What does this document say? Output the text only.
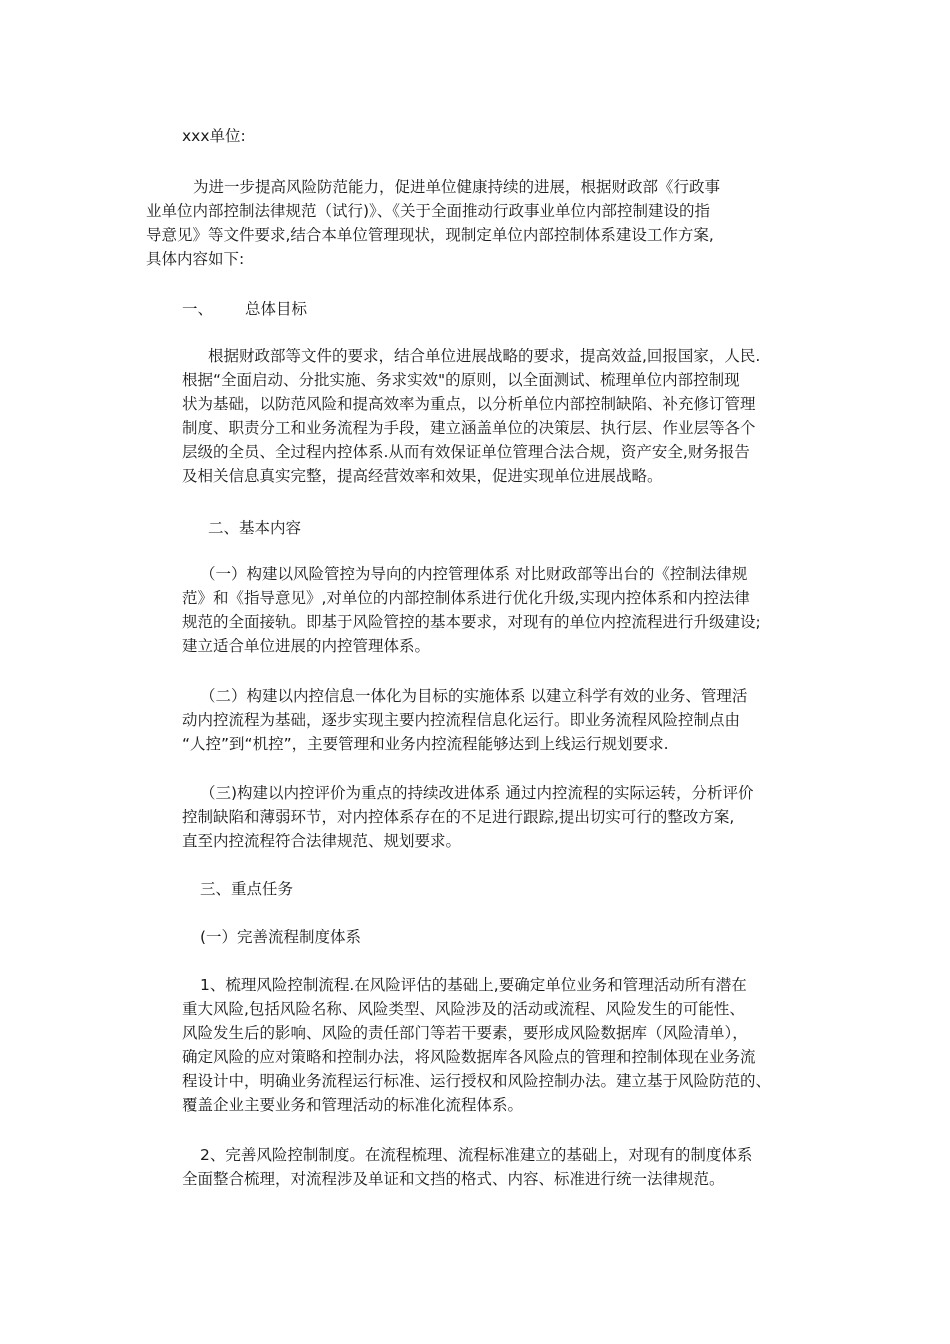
xxx单位:
为进一步提高风险防范能力，促进单位健康持续的进展，根据财政部《行政事
业单位内部控制法律规范（试行)》、《关于全面推动行政事业单位内部控制建设的指
导意见》等文件要求,结合本单位管理现状，现制定单位内部控制体系建设工作方案,
具体内容如下:
一、 总体目标
根据财政部等文件的要求，结合单位进展战略的要求，提高效益,回报国家，人民.
根据“全面启动、分批实施、务求实效"的原则，以全面测试、梳理单位内部控制现
状为基础，以防范风险和提高效率为重点，以分析单位内部控制缺陷、补充修订管理
制度、职责分工和业务流程为手段，建立涵盖单位的决策层、执行层、作业层等各个
层级的全员、全过程内控体系.从而有效保证单位管理合法合规，资产安全,财务报告
及相关信息真实完整，提高经营效率和效果，促进实现单位进展战略。
二、基本内容
（一）构建以风险管控为导向的内控管理体系 对比财政部等出台的《控制法律规
范》和《指导意见》,对单位的内部控制体系进行优化升级,实现内控体系和内控法律
规范的全面接轨。即基于风险管控的基本要求，对现有的单位内控流程进行升级建设;
建立适合单位进展的内控管理体系。
（二）构建以内控信息一体化为目标的实施体系 以建立科学有效的业务、管理活
动内控流程为基础，逐步实现主要内控流程信息化运行。即业务流程风险控制点由
“人控”到“机控”，主要管理和业务内控流程能够达到上线运行规划要求.
（三)构建以内控评价为重点的持续改进体系 通过内控流程的实际运转，分析评价
控制缺陷和薄弱环节，对内控体系存在的不足进行跟踪,提出切实可行的整改方案,
直至内控流程符合法律规范、规划要求。
三、重点任务
(一）完善流程制度体系
1、梳理风险控制流程.在风险评估的基础上,要确定单位业务和管理活动所有潜在
重大风险,包括风险名称、风险类型、风险涉及的活动或流程、风险发生的可能性、
风险发生后的影响、风险的责任部门等若干要素，要形成风险数据库（风险清单），
确定风险的应对策略和控制办法，将风险数据库各风险点的管理和控制体现在业务流
程设计中，明确业务流程运行标准、运行授权和风险控制办法。建立基于风险防范的、
覆盖企业主要业务和管理活动的标准化流程体系。
2、完善风险控制制度。在流程梳理、流程标准建立的基础上，对现有的制度体系
全面整合梳理，对流程涉及单证和文挡的格式、内容、标准进行统一法律规范。
